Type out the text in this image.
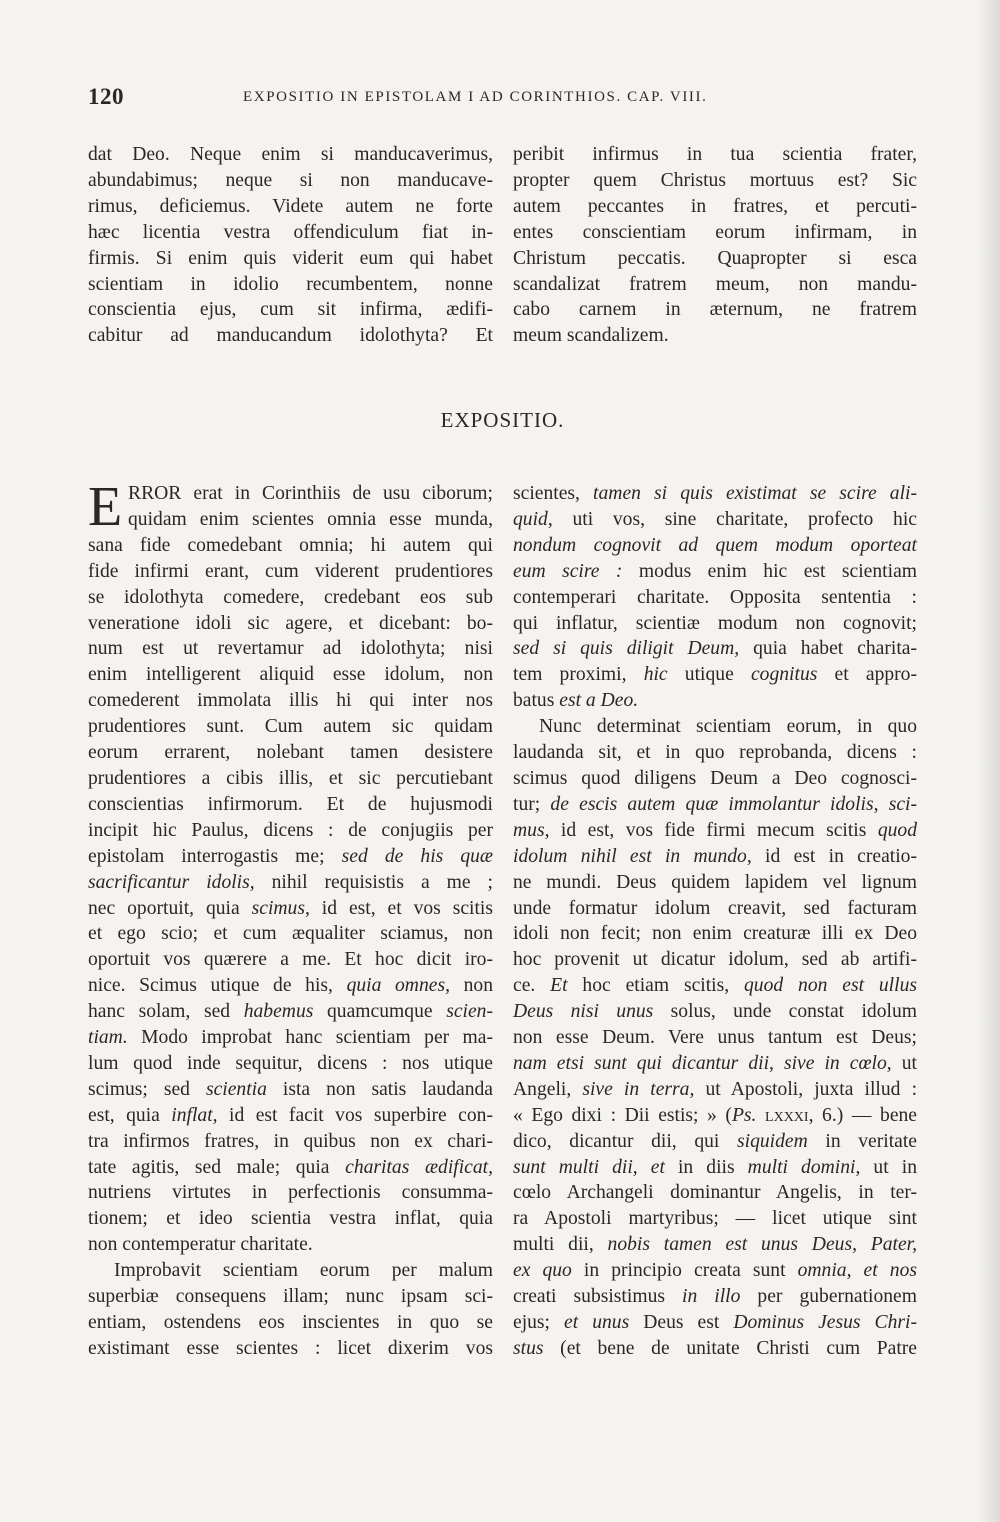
120	EXPOSITIO IN EPISTOLAM I AD CORINTHIOS. CAP. VIII.
dat Deo. Neque enim si manducaverimus,
abundabimus; neque si non manducave-
rimus, deficiemus. Videte autem ne forte
hæc licentia vestra offendiculum fiat in-
firmis. Si enim quis viderit eum qui habet
scientiam in idolio recumbentem, nonne
conscientia ejus, cum sit infirma, ædifi-
cabitur ad manducandum idolothyta? Et
peribit infirmus in tua scientia frater,
propter quem Christus mortuus est? Sic
autem peccantes in fratres, et percuti-
entes conscientiam eorum infirmam, in
Christum peccatis. Quapropter si esca
scandalizat fratrem meum, non mandu-
cabo carnem in æternum, ne fratrem
meum scandalizem.
EXPOSITIO.
E RROR erat in Corinthiis de usu ciborum;
quidam enim scientes omnia esse munda,
sana fide comedebant omnia; hi autem qui
fide infirmi erant, cum viderent prudentiores
se idolothyta comedere, credebant eos sub
veneratione idoli sic agere, et dicebant: bo-
num est ut revertamur ad idolothyta; nisi
enim intelligerent aliquid esse idolum, non
comederent immolata illis hi qui inter nos
prudentiores sunt. Cum autem sic quidam
eorum errarent, nolebant tamen desistere
prudentiores a cibis illis, et sic percutiebant
conscientias infirmorum. Et de hujusmodi
incipit hic Paulus, dicens : de conjugiis per
epistolam interrogastis me; sed de his quæ
sacrificantur idolis, nihil requisistis a me ;
nec oportuit, quia scimus, id est, et vos scitis
et ego scio; et cum æqualiter sciamus, non
oportuit vos quærere a me. Et hoc dicit iro-
nice. Scimus utique de his, quia omnes, non
hanc solam, sed habemus quamcumque scien-
tiam. Modo improbat hanc scientiam per ma-
lum quod inde sequitur, dicens : nos utique
scimus; sed scientia ista non satis laudanda
est, quia inflat, id est facit vos superbire con-
tra infirmos fratres, in quibus non ex chari-
tate agitis, sed male; quia charitas ædificat,
nutriens virtutes in perfectionis consumma-
tionem; et ideo scientia vestra inflat, quia
non contemperatur charitate.
Improbavit scientiam eorum per malum
superbiæ consequens illam; nunc ipsam sci-
entiam, ostendens eos inscientes in quo se
existimant esse scientes : licet dixerim vos
scientes, tamen si quis existimat se scire ali-
quid, uti vos, sine charitate, profecto hic
nondum cognovit ad quem modum oporteat
eum scire : modus enim hic est scientiam
contemperari charitate. Opposita sententia :
qui inflatur, scientiæ modum non cognovit;
sed si quis diligit Deum, quia habet charita-
tem proximi, hic utique cognitus et appro-
batus est a Deo.
Nunc determinat scientiam eorum, in quo
laudanda sit, et in quo reprobanda, dicens :
scimus quod diligens Deum a Deo cognosci-
tur; de escis autem quæ immolantur idolis, sci-
mus, id est, vos fide firmi mecum scitis quod
idolum nihil est in mundo, id est in creatio-
ne mundi. Deus quidem lapidem vel lignum
unde formatur idolum creavit, sed facturam
idoli non fecit; non enim creaturæ illi ex Deo
hoc provenit ut dicatur idolum, sed ab artifi-
ce. Et hoc etiam scitis, quod non est ullus
Deus nisi unus solus, unde constat idolum
non esse Deum. Vere unus tantum est Deus;
nam etsi sunt qui dicantur dii, sive in cœlo, ut
Angeli, sive in terra, ut Apostoli, juxta illud :
« Ego dixi : Dii estis; » (Ps. lxxxi, 6.) — bene
dico, dicantur dii, qui siquidem in veritate
sunt multi dii, et in diis multi domini, ut in
cœlo Archangeli dominantur Angelis, in ter-
ra Apostoli martyribus; — licet utique sint
multi dii, nobis tamen est unus Deus, Pater,
ex quo in principio creata sunt omnia, et nos
creati subsistimus in illo per gubernationem
ejus; et unus Deus est Dominus Jesus Chri-
stus (et bene de unitate Christi cum Patre
